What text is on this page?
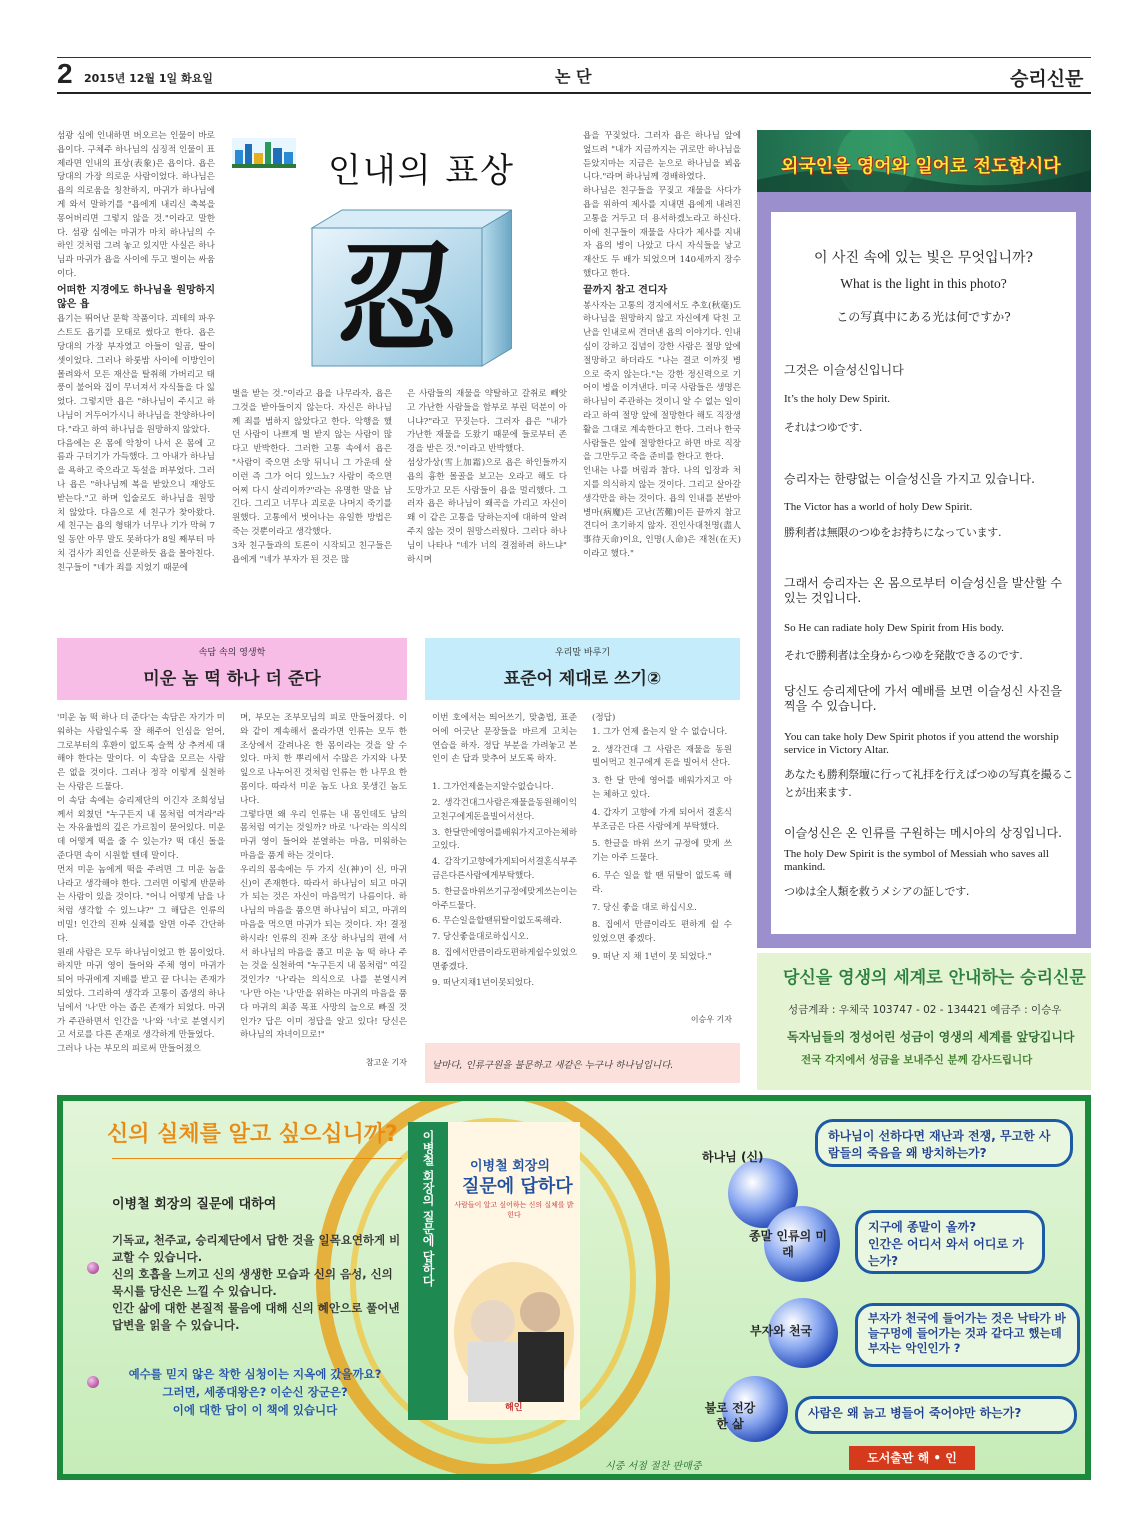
2 2015년 12월 1일 화요일	논 단	승리신문

섬광 심에 인내하면 버오르는 인물이 바로 욥이다. 구체주 하나님의 심징적 인물이 표제라면 인내의 표상(表象)은 욥이다. 욥은 당대의 가장 의로운 사람이었다. 하나님은 욥의 의로움을 칭찬하지, 마귀가 하나님에게 와서 말하기를 "욥에게 내리신 축복을 몽어버리면 그렇지 않을 것."이라고 말한다. 섬광 심에는 마귀가 마치 하나님의 수하인 것처럼 그려 놓고 있지만 사실은 하나님과 마귀가 욥을 사이에 두고 벌이는 싸움이다.

어떠한 지경에도 하나님을 원망하지 않은 욥

욥기는 뛰어난 문학 작품이다. 괴테의 파우스트도 욥기를 모태로 썼다고 한다. 욥은 당대의 가장 부자였고 아들이 일곱, 딸이 셋이었다. 그러나 하룻밤 사이에 이방인이 몰려와서 모든 재산을 탈취해 가버리고 태풍이 불어와 집이 무너져서 자식들을 다 잃었다. 그렇지만 욥은 "하나님이 주시고 하나님이 거두어가시니 하나님을 찬양하나이다."라고 하여 하나님을 원망하지 않았다.

다음에는 온 몸에 악창이 나서 온 몸에 고름과 구더기가 가득했다. 그 아내가 하나님을 욕하고 죽으라고 독설을 퍼부었다. 그러나 욥은 "하나님께 복을 받았으니 재앙도 받는다."고 하며 입술로도 하나님을 원망치 않았다. 다음으로 세 친구가 찾아왔다. 세 친구는 욥의 형태가 너무나 기가 막혀 7일 동안 아무 말도 못하다가 8일 째부터 마치 검사가 죄인을 신문하듯 욥을 몰아친다.

친구들이 "네가 죄를 지었기 때문에

인내의 표상
忍

벌을 받는 것."이라고 욥을 나무라자, 욥은 그것을 받아들이지 않는다. 자신은 하나님께 죄를 범하지 않았다고 한다. 악행을 했던 사람이 나쁘게 벌 받지 않는 사람이 많다고 반박한다. 그러한 고통 속에서 욥은 "사람이 죽으면 소망 뒤니니 그 가운데 살이런 즉 그가 어디 있느뇨? 사람이 죽으면 어찌 다시 살리이까?"라는 유명한 말을 남긴다. 그리고 너무나 괴로운 나머지 죽기를 원했다. 고통에서 벗어나는 유일한 방법은 죽는 것뿐이라고 생각했다.

3차 친구들과의 토론이 시작되고 친구들은 욥에게 "네가 부자가 된 것은 많

은 사람들의 재물을 약탈하고 갈취로 빼앗고 가난한 사람들을 함부로 부린 덕분이 아니냐?"라고 꾸짓는다. 그러자 욥은 "내가 가난한 재물을 도왔기 때문에 들로부터 존경을 받은 것."이라고 반박했다.

섬상가상(雪上加霜)으로 욥은 하인들까지 욥의 흉한 몰골을 보고는 오라고 해도 다 도망가고 모든 사람들이 욥을 멀리했다. 그러자 욥은 하나님이 왜곡을 가리고 자신이 왜 이 같은 고통을 당하는지에 대하여 알려주지 않는 것이 원망스러웠다. 그러다 하나님이 나타나 "네가 너의 결점하려 하느냐" 하시며

욥을 꾸짖었다. 그러자 욥은 하나님 앞에 엎드려 "내가 지금까지는 귀로만 하나님을 듣았지마는 지금은 눈으로 하나님을 뵈옵니다."라며 하나님께 경배하였다.

하나님은 친구들을 꾸짖고 재물을 사다가 욥을 위하여 제사를 지내면 욥에게 내려진 고통을 거두고 더 용서하겠노라고 하신다. 이에 친구들이 재물을 사다가 제사를 지내자 욥의 병이 나았고 다시 자식들을 낳고 재산도 두 배가 되었으며 140세까지 장수했다고 한다.

끝까지 참고 견디자

봉사자는 고통의 경지에서도 추호(秋毫)도 하나님을 원망하지 않고 자신에게 닥친 고난을 인내로써 견뎌낸 욥의 이야기다. 인내심이 강하고 집념이 강한 사람은 절망 앞에 절망하고 하더라도 "나는 결코 이까짓 병으로 죽지 않는다."는 강한 정신력으로 기어이 병을 이겨낸다. 미국 사람들은 생명은 하나님이 주관하는 것이니 알 수 없는 일이라고 하여 절망 앞에 절망한다 해도 직장생활을 그대로 계속한다고 한다. 그러나 한국 사람들은 앞에 절망한다고 하면 바로 직장을 그만두고 죽을 준비를 한다고 한다.

인내는 나를 버림과 참다. 나의 입장과 처지를 의식하지 않는 것이다. 그리고 살아갈 생각만을 하는 것이다. 욥의 인내를 본받아 병마(病魔)든 고난(苦難)이든 끝까지 참고 견디어 초기하지 않자. 진인사대천명(盡人事待天命)이요, 인명(人命)은 재천(在天)이라고 했다."

외국인을 영어와 일어로 전도합시다
이 사진 속에 있는 빛은 무엇입니까?
What is the light in this photo?
この写真中にある光は何ですか?
그것은 이슬성신입니다
It’s the holy Dew Spirit.
それはつゆです.
승리자는 한량없는 이슬성신을 가지고 있습니다.
The Victor has a world of holy Dew Spirit.
勝利者は無限のつゆをお持ちになっています.
그래서 승리자는 온 몸으로부터 이슬성신을 발산할 수 있는 것입니다.
So He can radiate holy Dew Spirit from His body.
それで勝利者は全身からつゆを発散できるのです.
당신도 승리제단에 가서 예배를 보면 이슬성신 사진을 찍을 수 있습니다.
You can take holy Dew Spirit photos if you attend the worship service in Victory Altar.
あなたも勝利祭壇に行って礼拝を行えばつゆの写真を撮ることが出来ます.
이슬성신은 온 인류를 구원하는 메시아의 상징입니다.
The holy Dew Spirit is the symbol of Messiah who saves all mankind.
つゆは全人類を救うメシアの証しです.
당신을 영생의 세계로 안내하는 승리신문
성금계좌 : 우체국 103747 - 02 - 134421 예금주 : 이승우
독자님들의 정성어린 성금이 영생의 세계를 앞당깁니다
전국 각지에서 성금을 보내주신 분께 감사드립니다
속담 속의 영생학
미운 놈 떡 하나 더 준다
'미운 놈 떡 하나 더 준다'는 속담은 자기가 미워하는 사람일수록 잘 해주어 인심을 얻어, 그로부터의 후환이 없도록 슬쩍 상 추켜세 대해야 한다는 말이다. 이 속담을 모르는 사람은 없을 것이다. 그러나 정작 이렇게 실천하는 사람은 드물다.
이 속담 속에는 승리제단의 이긴자 조희성님께서 외쳤던 "누구든지 내 몸처럼 여겨라"라는 자유율법의 깊은 가르침이 묻어있다. 미운데 어떻게 떡을 줄 수 있는가? 떡 대신 돌을 준다면 속이 시원할 텐데 말이다.
먼저 미운 놈에게 떡을 주려면 그 미운 놈을 나라고 생각해야 한다. 그러면 이렇게 반문하는 사람이 있을 것이다. "어니 어떻게 남을 나처럼 생각할 수 있느냐?" 그 해답은 인류의 비밀! 인간의 진짜 실체를 알면 아주 간단하다.
원래 사람은 모두 하나님이었고 한 몸이었다. 하지만 마귀 영이 들어와 주체 영이 마귀가 되어 마귀에게 지배를 받고 끝 다니는 존재가 되었다. 그리하여 생각과 고통이 좁생의 하나님에서 '나'만 아는 좁은 존재가 되었다. 마귀가 주관하면서 인간을 '나'와 '너'로 분열시키고 서로를 다른 존재로 생각하게 만들었다.
그러나 나는 부모의 피로써 만들어졌으
며, 부모는 조부모님의 피로 만들어졌다. 이와 같이 계속해서 올라가면 인류는 모두 한 조상에서 갈려나온 한 몸이라는 것을 알 수 있다. 마치 한 뿌리에서 수많은 가지와 나뭇잎으로 나누어진 것처럼 인류는 한 나무요 한 몸이다. 따라서 미운 놈도 나요 못생긴 놈도 나다.
그렇다면 왜 우리 인류는 내 몸인데도 남의 몸처럼 여기는 것일까? 바로 '나'라는 의식의 마귀 영이 들어와 분열하는 마음, 미워하는 마음을 품게 하는 것이다.
우리의 몸속에는 두 가지 신(神)이 신, 마귀 신)이 존재한다. 따라서 하나님이 되고 마귀가 되는 것은 자신이 마음먹기 나름이다. 하나님의 마음을 품으면 하나님이 되고, 마귀의 마음을 먹으면 마귀가 되는 것이다. 자! 결정하시라! 인류의 진짜 조상 하나님의 편에 서서 하나님의 마음을 품고 미운 놈 떡 하나 주는 것을 실천하여 "누구든지 내 몸처럼" 여길 것인가? '나'라는 의식으로 나를 분열시켜 '나'만 아는 '나'만을 위하는 마귀의 마음을 품다 마귀의 최종 목표 사망의 늪으로 빠질 것인가? 답은 이미 정답을 알고 있다! 당신은 하나님의 자녀이므로!"
참고운 기자
우리말 바루기
표준어 제대로 쓰기②

이번 호에서는 띄어쓰기, 맞춤법, 표준어에 어긋난 문장들을 바르게 고치는 연습을 하자. 정답 부분을 가려놓고 본인이 손 답과 맞추어 보도록 하자.

1. 그가언제올는지알수없습니다.

2. 생각건대그사람은재물을동원해이익고친구에게돈을빌어서선다.

3. 한달만에영어를배워가지고아는체하고있다.

4. 감작기고향에가게되어서결혼식부주금은다른사람에게부탁했다.

5. 한글을바위쓰기규정에맞게쓰는이는아주드물다.

6. 무슨일을할땐뒤탈이없도록해라.

7. 당신좋을대로하십시오.

8. 집에서만큼이라도편하게쉴수있었으면좋겠다.

9. 떠난지채1년이못되었다.

(정답)

1. 그가 언제 올는지 알 수 없습니다.

2. 생각건대 그 사람은 재물을 동원 빌어먹고 친구에게 돈을 빌어서 산다.

3. 한 달 만에 영어를 배워가지고 아는 체하고 있다.

4. 갑자기 고향에 가게 되어서 결혼식 부조금은 다른 사람에게 부탁했다.

5. 한글을 바위 쓰기 규정에 맞게 쓰기는 아주 드물다.

6. 무슨 일을 할 땐 뒤탈이 없도록 해라.

7. 당신 좋을 대로 하십시오.

8. 집에서 만큼이라도 편하게 쉴 수 있었으면 좋겠다.

9. 떠난 지 채 1년이 못 되었다."

이승우 기자
날마다, 인류구원을 불문하고 새같은 누구나 하나님입니다.
신의 실체를 알고 싶으십니까?
이병철 회장의 질문에 대하여
기독교, 천주교, 승리제단에서 답한 것을 일목요연하게 비교할 수 있습니다.
신의 호흡을 느끼고 신의 생생한 모습과 신의 음성, 신의 묵시를 당신은 느낄 수 있습니다.
인간 삶에 대한 본질적 물음에 대해 신의 혜안으로 풀어낸 답변을 읽을 수 있습니다.
예수를 믿지 않은 착한 심청이는 지옥에 갔을까요?
그러면, 세종대왕은? 이순신 장군은?
이에 대한 답이 이 책에 있습니다
이병철 회장의 질문에 답하다	이병철 회장의
질문에 답하다
사람들이 알고 싶어하는 신의 실체를 밝힌다
해인
시중 서점 절찬 판매중
하나님 (신)
종말 인류의 미래
부자와 천국
불로 전강한 삶
하나님이 선하다면 재난과 전쟁, 무고한 사람들의 죽음을 왜 방치하는가?
지구에 종말이 올까?
인간은 어디서 와서 어디로 가는가?
부자가 천국에 들어가는 것은 낙타가 바늘구멍에 들어가는 것과 같다고 했는데 부자는 악인인가 ?
사람은 왜 늙고 병들어 죽어야만 하는가?
도서출판 해 • 인
